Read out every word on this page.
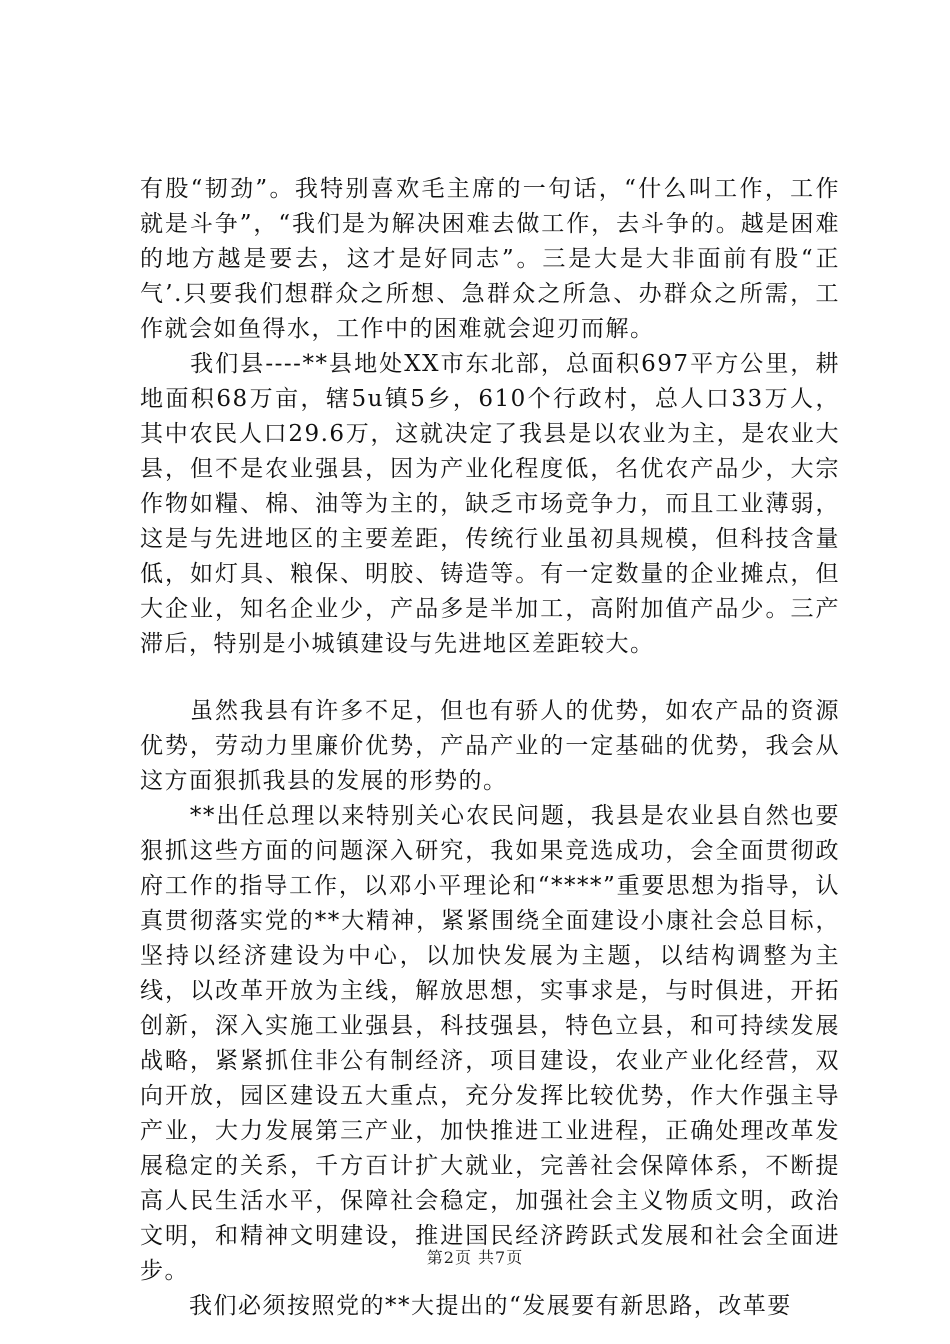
有股“韧劲”。我特别喜欢毛主席的一句话，“什么叫工作，工作就是斗争”，“我们是为解决困难去做工作，去斗争的。越是困难的地方越是要去，这才是好同志”。三是大是大非面前有股“正气’.只要我们想群众之所想、急群众之所急、办群众之所需，工作就会如鱼得水，工作中的困难就会迎刃而解。

　　我们县----**县地处XX市东北部，总面积697平方公里，耕地面积68万亩，辖5u镇5乡，610个行政村，总人口33万人，其中农民人口29.6万，这就决定了我县是以农业为主，是农业大县，但不是农业强县，因为产业化程度低，名优农产品少，大宗作物如糧、棉、油等为主的，缺乏市场竞争力，而且工业薄弱，这是与先进地区的主要差距，传统行业虽初具规模，但科技含量低，如灯具、粮保、明胶、铸造等。有一定数量的企业摊点，但大企业，知名企业少，产品多是半加工，高附加值产品少。三产滞后，特别是小城镇建设与先进地区差距较大。

　　虽然我县有许多不足，但也有骄人的优势，如农产品的资源优势，劳动力里廉价优势，产品产业的一定基础的优势，我会从这方面狠抓我县的发展的形势的。

　　**出任总理以来特别关心农民问题，我县是农业县自然也要狠抓这些方面的问题深入研究，我如果竞选成功，会全面贯彻政府工作的指导工作，以邓小平理论和“****”重要思想为指导，认真贯彻落实党的**大精神，紧紧围绕全面建设小康社会总目标，坚持以经济建设为中心，以加快发展为主题，以结构调整为主线，以改革开放为主线，解放思想，实事求是，与时俱进，开拓创新，深入实施工业强县，科技强县，特色立县，和可持续发展战略，紧紧抓住非公有制经济，项目建设，农业产业化经营，双向开放，园区建设五大重点，充分发挥比较优势，作大作强主导产业，大力发展第三产业，加快推进工业进程，正确处理改革发展稳定的关系，千方百计扩大就业，完善社会保障体系，不断提高人民生活水平，保障社会稳定，加强社会主义物质文明，政治文明，和精神文明建设，推进国民经济跨跃式发展和社会全面进步。

　　我们必须按照党的**大提出的“发展要有新思路，改革要

第2页 共7页
